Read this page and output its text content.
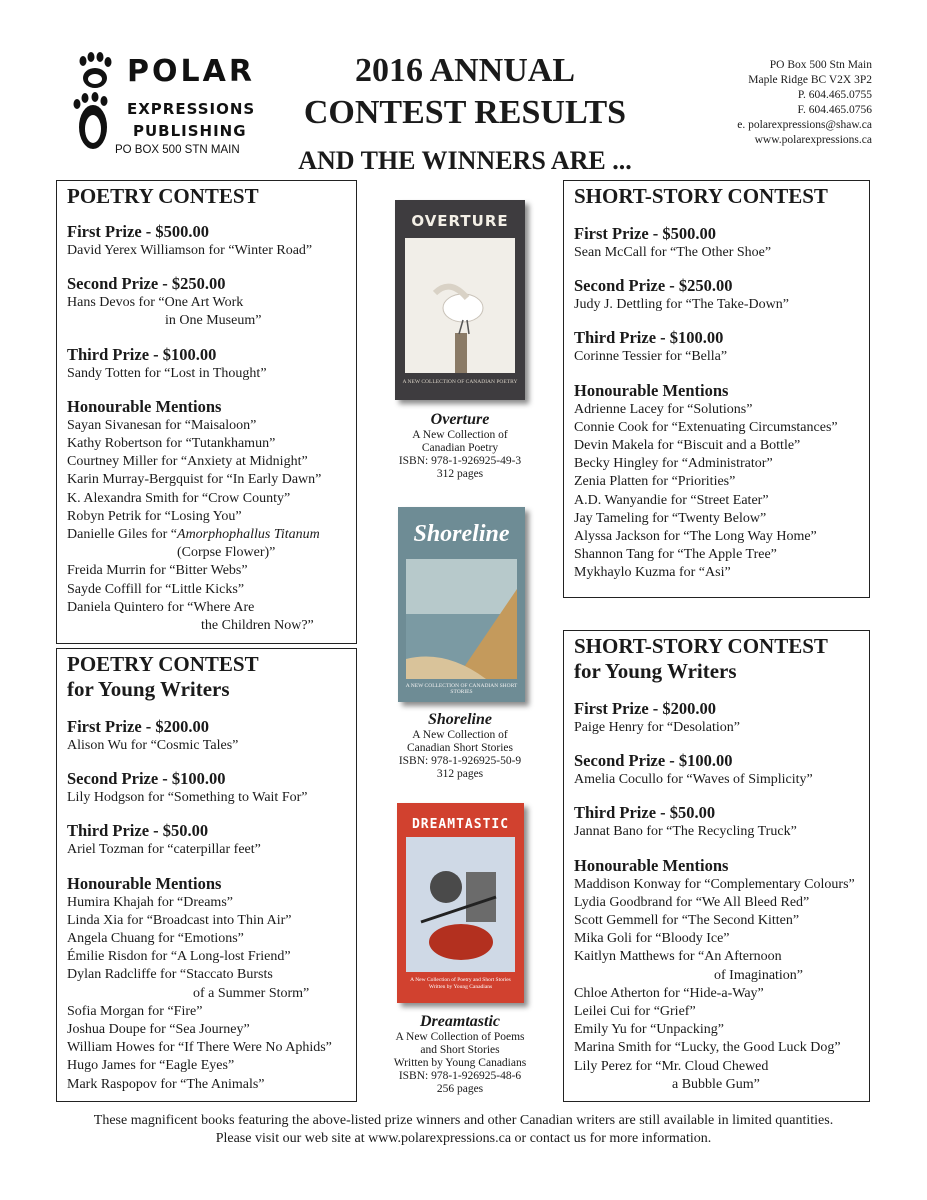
POLAR
EXPRESSIONS
PUBLISHING
PO BOX 500 STN MAIN
2016 ANNUAL
CONTEST RESULTS
AND THE WINNERS ARE ...
PO Box 500 Stn Main
Maple Ridge BC V2X 3P2
P. 604.465.0755
F. 604.465.0756
e. polarexpressions@shaw.ca
www.polarexpressions.ca
POETRY CONTEST
First Prize - $500.00
David Yerex Williamson for “Winter Road”
Second Prize - $250.00
Hans Devos for “One Art Work
in One Museum”
Third Prize - $100.00
Sandy Totten for “Lost in Thought”
Honourable Mentions
Sayan Sivanesan for “Maisaloon”
Kathy Robertson for “Tutankhamun”
Courtney Miller for “Anxiety at Midnight”
Karin Murray-Bergquist for “In Early Dawn”
K. Alexandra Smith for “Crow County”
Robyn Petrik for “Losing You”
Danielle Giles for “Amorphophallus Titanum
(Corpse Flower)”
Freida Murrin for “Bitter Webs”
Sayde Coffill for “Little Kicks”
Daniela Quintero for “Where Are
the Children Now?”
POETRY CONTEST
for Young Writers
First Prize - $200.00
Alison Wu for “Cosmic Tales”
Second Prize - $100.00
Lily Hodgson for “Something to Wait For”
Third Prize - $50.00
Ariel Tozman for “caterpillar feet”
Honourable Mentions
Humira Khajah for “Dreams”
Linda Xia for “Broadcast into Thin Air”
Angela Chuang for “Emotions”
Émilie Risdon for “A Long-lost Friend”
Dylan Radcliffe for “Staccato Bursts
of a Summer Storm”
Sofia Morgan for “Fire”
Joshua Doupe for “Sea Journey”
William Howes for “If There Were No Aphids”
Hugo James for “Eagle Eyes”
Mark Raspopov for “The Animals”
SHORT-STORY CONTEST
First Prize - $500.00
Sean McCall for “The Other Shoe”
Second Prize - $250.00
Judy J. Dettling for “The Take-Down”
Third Prize - $100.00
Corinne Tessier for “Bella”
Honourable Mentions
Adrienne Lacey for “Solutions”
Connie Cook for “Extenuating Circumstances”
Devin Makela for “Biscuit and a Bottle”
Becky Hingley for “Administrator”
Zenia Platten for “Priorities”
A.D. Wanyandie for “Street Eater”
Jay Tameling for “Twenty Below”
Alyssa Jackson for “The Long Way Home”
Shannon Tang for “The Apple Tree”
Mykhaylo Kuzma for “Asi”
SHORT-STORY CONTEST
for Young Writers
First Prize - $200.00
Paige Henry for “Desolation”
Second Prize - $100.00
Amelia Cocullo for “Waves of Simplicity”
Third Prize - $50.00
Jannat Bano for “The Recycling Truck”
Honourable Mentions
Maddison Konway for “Complementary Colours”
Lydia Goodbrand for “We All Bleed Red”
Scott Gemmell for “The Second Kitten”
Mika Goli for “Bloody Ice”
Kaitlyn Matthews for “An Afternoon
of Imagination”
Chloe Atherton for “Hide-a-Way”
Leilei Cui for “Grief”
Emily Yu for “Unpacking”
Marina Smith for “Lucky, the Good Luck Dog”
Lily Perez for “Mr. Cloud Chewed
a Bubble Gum”
OVERTURE
A NEW COLLECTION OF CANADIAN POETRY
Overture
A New Collection of
Canadian Poetry
ISBN: 978-1-926925-49-3
312 pages
Shoreline
A NEW COLLECTION OF CANADIAN SHORT STORIES
Shoreline
A New Collection of
Canadian Short Stories
ISBN: 978-1-926925-50-9
312 pages
DREAMTASTIC
A New Collection of Poetry and Short Stories Written by Young Canadians
Dreamtastic
A New Collection of Poems
and Short Stories
Written by Young Canadians
ISBN: 978-1-926925-48-6
256 pages
These magnificent books featuring the above-listed prize winners and other Canadian writers are still available in limited quantities.
Please visit our web site at www.polarexpressions.ca or contact us for more information.
